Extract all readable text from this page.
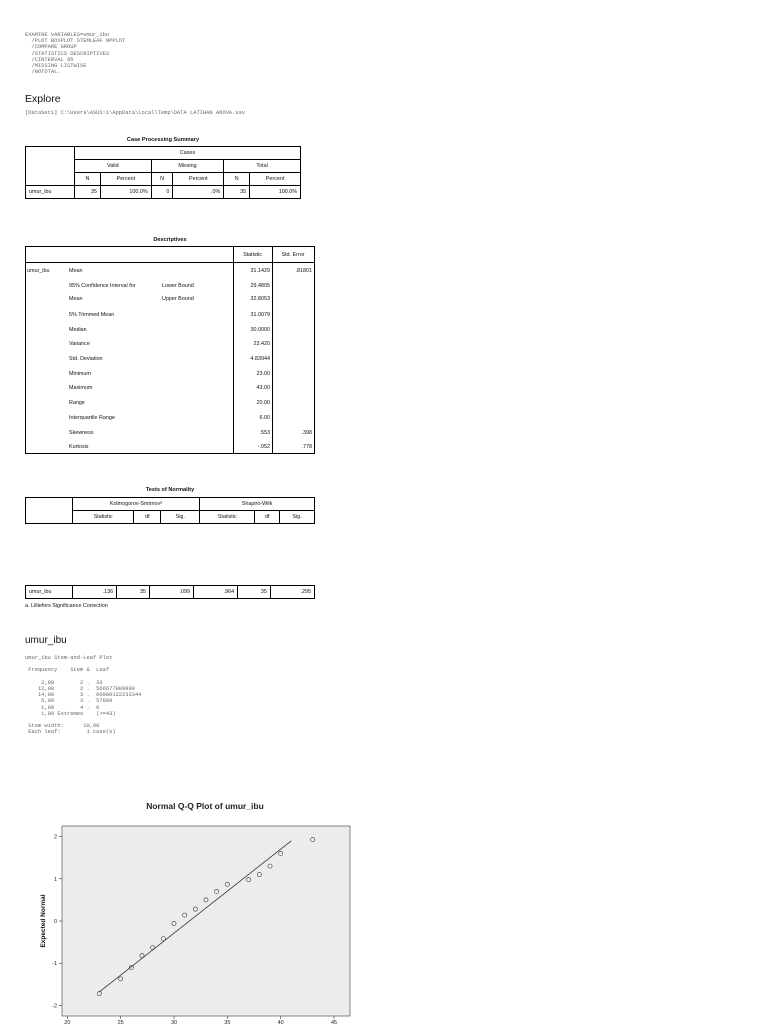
EXAMINE VARIABLES=umur_ibu
/PLOT BOXPLOT STEMLEAF NPPLOT
/COMPARE GROUP
/STATISTICS DESCRIPTIVES
/CINTERVAL 95
/MISSING LISTWISE
/NOTOTAL.
Explore
[DataSet1] C:\Users\ASUS~1\AppData\Local\Temp\DATA LATIHAN ANOVA.sav
Case Processing Summary
	Cases					
	Valid		Missing		Total	
	N	Percent	N	Percent	N	Percent
umur_ibu	35	100.0%	0	.0%	35	100.0%
Descriptives
Statistic	Std. Error
umur_ibu	Mean	31.1429	.81801
95% Confidence Interval for	Lower Bound	29.4805
Mean	Upper Bound	32.8053
5% Trimmed Mean	31.0079
Median	30.0000
Variance	23.420
Std. Deviation	4.83944
Minimum	23.00
Maximum	43.00
Range	20.00
Interquartile Range	6.00
Skewness	.553	.398
Kurtosis	-.052	.778
Tests of Normality
	Kolmogorov-Smirnovᵃ			Shapiro-Wilk		
	Statistic	df	Sig.	Statistic	df	Sig.
umur_ibu	.136	35	.099	.964	35	.295
a. Lilliefors Significance Correction
umur_ibu
umur_ibu Stem-and-Leaf Plot
Frequency    Stem &  Leaf
2,00        2 .  33
12,00        2 .  566677889999
14,00        3 .  00000122233344
5,00        3 .  57899
1,00        4 .  0
1,00 Extremes    (>=43)
Stem width:      10,00
Each leaf:        1 case(s)
Normal Q-Q Plot of umur_ibu
-2
-1
0
1
2
20	25	30	35	40	45
Expected Normal
